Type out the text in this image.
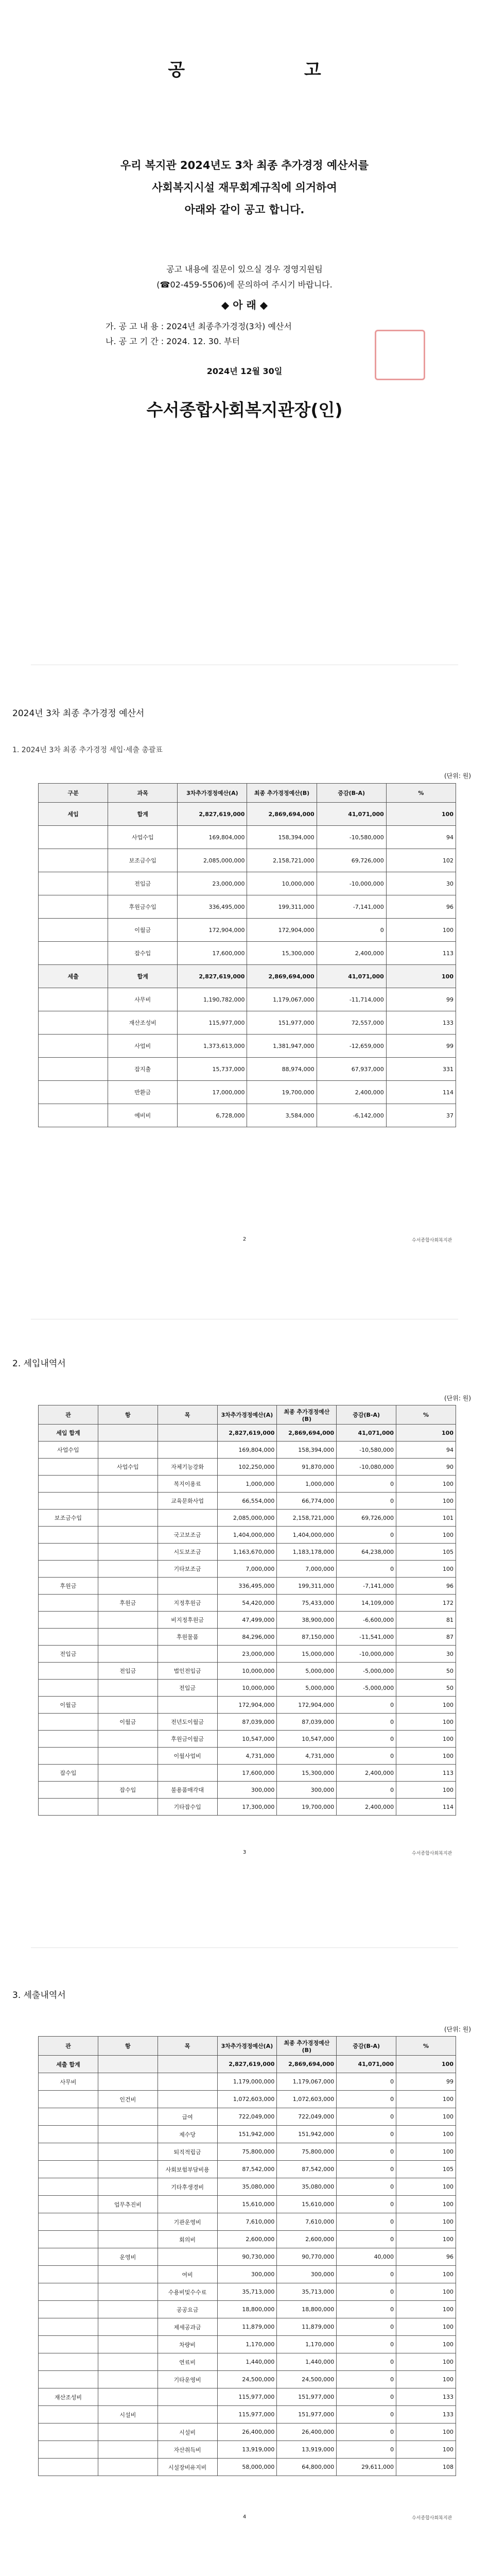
공 고
우리 복지관 2024년도 3차 최종 추가경정 예산서를
사회복지시설 재무회계규칙에 의거하여
아래와 같이 공고 합니다.
공고 내용에 질문이 있으실 경우 경영지원팀
(☎02-459-5506)에 문의하여 주시기 바랍니다.
◆ 아 래 ◆
가. 공 고 내 용 : 2024년 최종추가경정(3차) 예산서
나. 공 고 기 간 : 2024. 12. 30. 부터
2024년 12월 30일
수서종합사회복지관장(인)
2024년 3차 최종 추가경정 예산서
1. 2024년 3차 최종 추가경정 세입·세출 총괄표
(단위: 원)
구분	과목	3차추가경정예산(A)	최종 추가경정예산(B)	증감(B-A)	%
세입	합계	2,827,619,000	2,869,694,000	41,071,000	100
	사업수입	169,804,000	158,394,000	-10,580,000	94
	보조금수입	2,085,000,000	2,158,721,000	69,726,000	102
	전입금	23,000,000	10,000,000	-10,000,000	30
	후원금수입	336,495,000	199,311,000	-7,141,000	96
	이월금	172,904,000	172,904,000	0	100
	잡수입	17,600,000	15,300,000	2,400,000	113
세출	합계	2,827,619,000	2,869,694,000	41,071,000	100
	사무비	1,190,782,000	1,179,067,000	-11,714,000	99
	재산조성비	115,977,000	151,977,000	72,557,000	133
	사업비	1,373,613,000	1,381,947,000	-12,659,000	99
	잡지출	15,737,000	88,974,000	67,937,000	331
	반환금	17,000,000	19,700,000	2,400,000	114
	예비비	6,728,000	3,584,000	-6,142,000	37
2	수서종합사회복지관
2. 세입내역서
(단위: 원)
관	항	목	3차추가경정예산(A)	최종 추가경정예산(B)	증감(B-A)	%
세입 합계			2,827,619,000	2,869,694,000	41,071,000	100
사업수입			169,804,000	158,394,000	-10,580,000	94
	사업수입	자체기능강화	102,250,000	91,870,000	-10,080,000	90
		복지이용료	1,000,000	1,000,000	0	100
		교육문화사업	66,554,000	66,774,000	0	100
보조금수입			2,085,000,000	2,158,721,000	69,726,000	101
		국고보조금	1,404,000,000	1,404,000,000	0	100
		시도보조금	1,163,670,000	1,183,178,000	64,238,000	105
		기타보조금	7,000,000	7,000,000	0	100
후원금			336,495,000	199,311,000	-7,141,000	96
	후원금	지정후원금	54,420,000	75,433,000	14,109,000	172
		비지정후원금	47,499,000	38,900,000	-6,600,000	81
		후원물품	84,296,000	87,150,000	-11,541,000	87
전입금			23,000,000	15,000,000	-10,000,000	30
	전입금	법인전입금	10,000,000	5,000,000	-5,000,000	50
		전입금	10,000,000	5,000,000	-5,000,000	50
이월금			172,904,000	172,904,000	0	100
	이월금	전년도이월금	87,039,000	87,039,000	0	100
		후원금이월금	10,547,000	10,547,000	0	100
		이월사업비	4,731,000	4,731,000	0	100
잡수입			17,600,000	15,300,000	2,400,000	113
	잡수입	불용품매각대	300,000	300,000	0	100
		기타잡수입	17,300,000	19,700,000	2,400,000	114
3	수서종합사회복지관
3. 세출내역서
(단위: 원)
관	항	목	3차추가경정예산(A)	최종 추가경정예산(B)	증감(B-A)	%
세출 합계			2,827,619,000	2,869,694,000	41,071,000	100
사무비			1,179,000,000	1,179,067,000	0	99
	인건비		1,072,603,000	1,072,603,000	0	100
		급여	722,049,000	722,049,000	0	100
		제수당	151,942,000	151,942,000	0	100
		퇴직적립금	75,800,000	75,800,000	0	100
		사회보험부담비용	87,542,000	87,542,000	0	105
		기타후생경비	35,080,000	35,080,000	0	100
	업무추진비		15,610,000	15,610,000	0	100
		기관운영비	7,610,000	7,610,000	0	100
		회의비	2,600,000	2,600,000	0	100
	운영비		90,730,000	90,770,000	40,000	96
		여비	300,000	300,000	0	100
		수용비및수수료	35,713,000	35,713,000	0	100
		공공요금	18,800,000	18,800,000	0	100
		제세공과금	11,879,000	11,879,000	0	100
		차량비	1,170,000	1,170,000	0	100
		연료비	1,440,000	1,440,000	0	100
		기타운영비	24,500,000	24,500,000	0	100
재산조성비			115,977,000	151,977,000	0	133
	시설비		115,977,000	151,977,000	0	133
		시설비	26,400,000	26,400,000	0	100
		자산취득비	13,919,000	13,919,000	0	100
		시설장비유지비	58,000,000	64,800,000	29,611,000	108
4	수서종합사회복지관
